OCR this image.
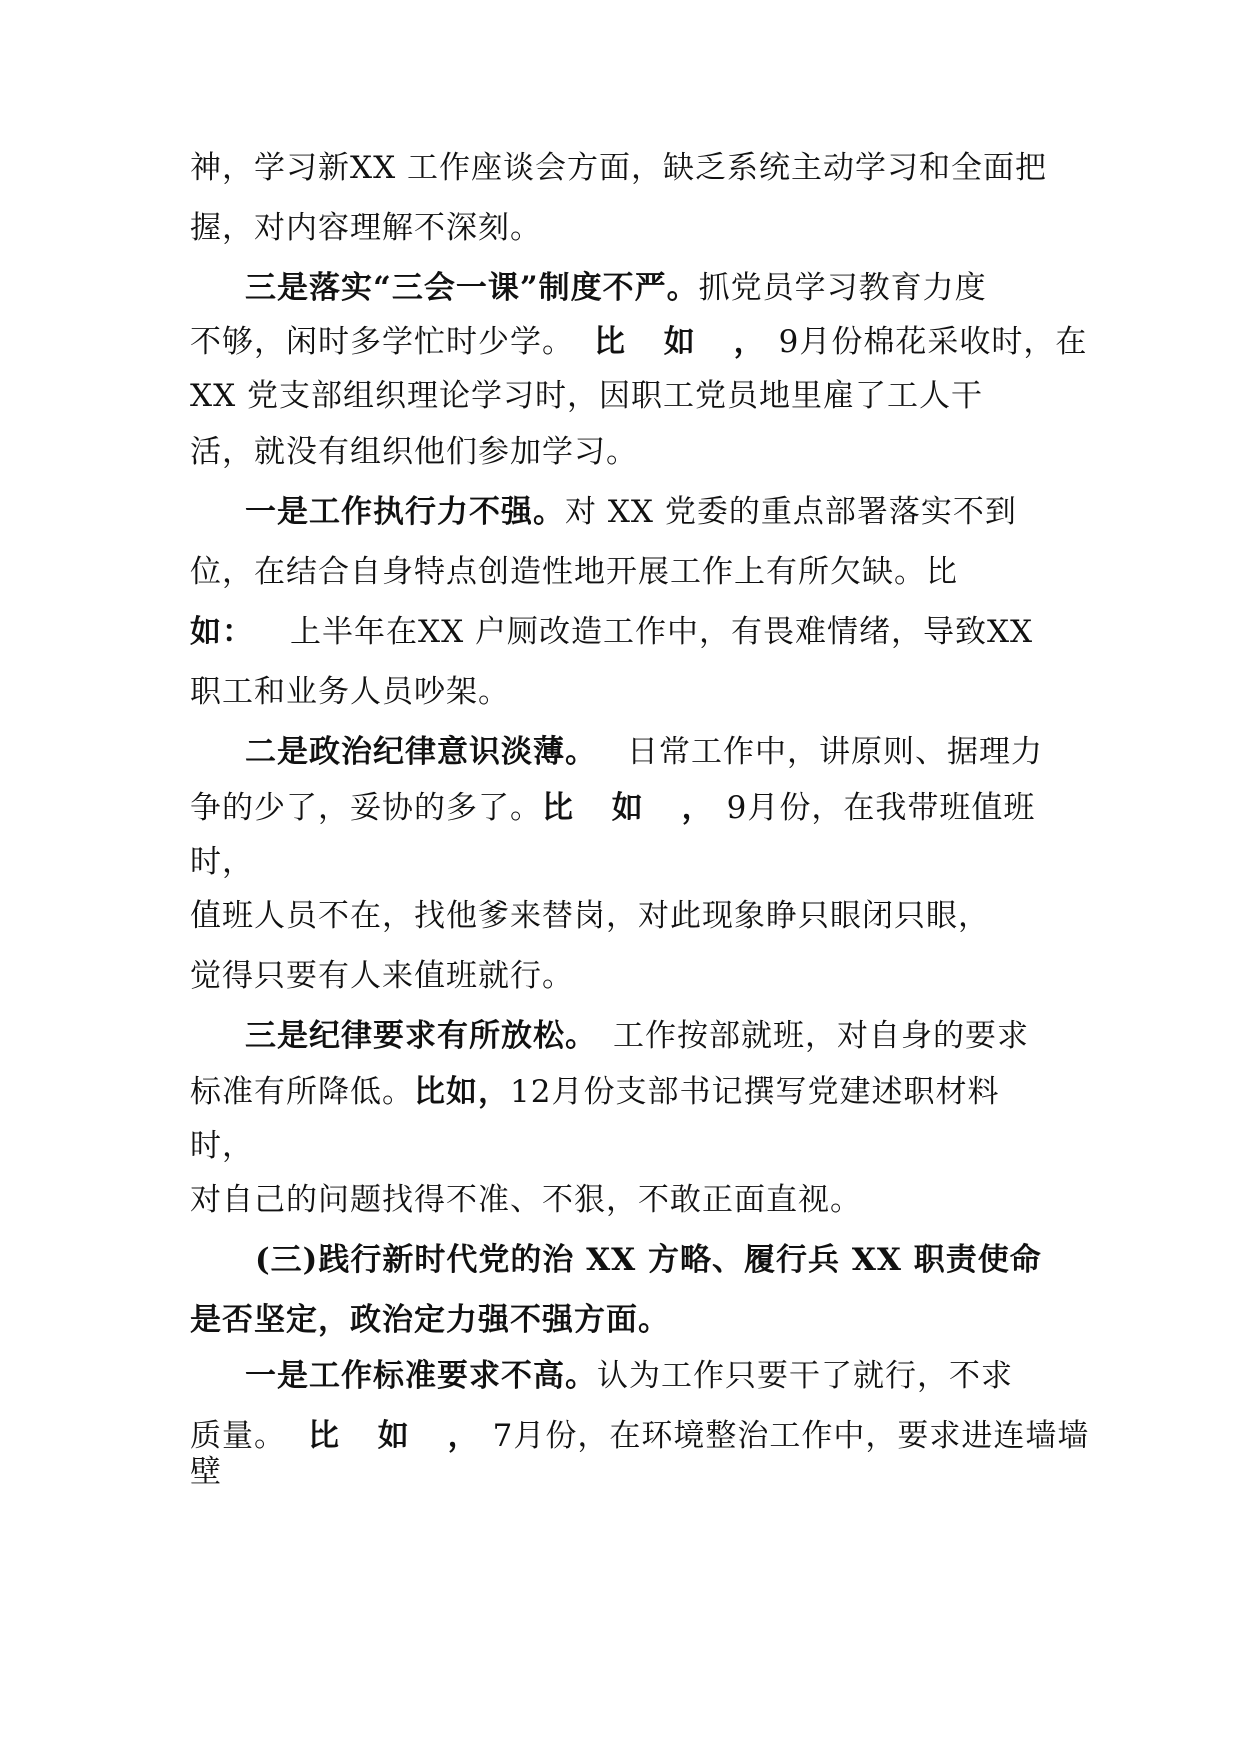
神，学习新XX 工作座谈会方面，缺乏系统主动学习和全面把
握，对内容理解不深刻。
三是落实“三会一课”制度不严。抓党员学习教育力度
不够，闲时多学忙时少学。 比 如 ，9月份棉花采收时，在
XX 党支部组织理论学习时，因职工党员地里雇了工人干
活，就没有组织他们参加学习。
一是工作执行力不强。对 XX 党委的重点部署落实不到
位，在结合自身特点创造性地开展工作上有所欠缺。比
如： 上半年在XX 户厕改造工作中，有畏难情绪，导致XX
职工和业务人员吵架。
二是政治纪律意识淡薄。 日常工作中，讲原则、据理力
争的少了，妥协的多了。比 如 ，9月份，在我带班值班
时，
值班人员不在，找他爹来替岗，对此现象睁只眼闭只眼，
觉得只要有人来值班就行。
三是纪律要求有所放松。 工作按部就班，对自身的要求
标准有所降低。比如，12月份支部书记撰写党建述职材料
时，
对自己的问题找得不准、不狠，不敢正面直视。
(三)践行新时代党的治 XX 方略、履行兵 XX 职责使命
是否坚定，政治定力强不强方面。
一是工作标准要求不高。认为工作只要干了就行，不求
质量。 比 如 ，7月份，在环境整治工作中，要求进连墙墙
壁
